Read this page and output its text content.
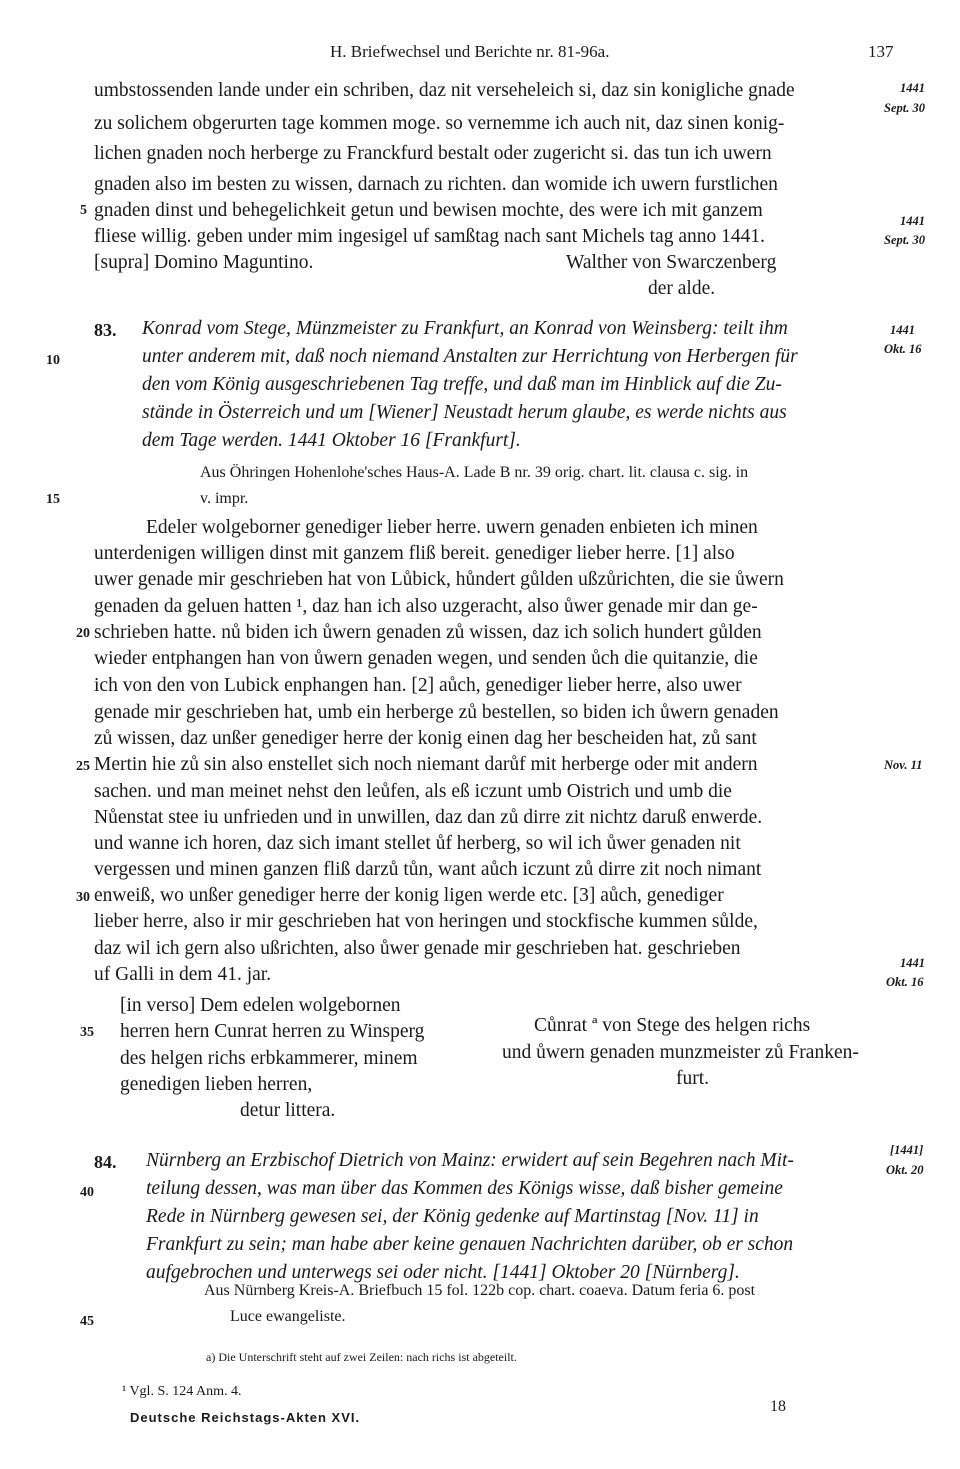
H. Briefwechsel und Berichte nr. 81-96a.	137
umbstossenden lande under ein schriben, daz nit verseheleich si, daz sin konigliche gnade
zu solichem obgerurten tage kommen moge. so vernemme ich auch nit, daz sinen konig-
lichen gnaden noch herberge zu Franckfurd bestalt oder zugericht si. das tun ich uwern
gnaden also im besten zu wissen, darnach zu richten. dan womide ich uwern furstlichen
5 gnaden dinst und behegelichkeit getun und bewisen mochte, des were ich mit ganzem
fliese willig. geben under mim ingesigel uf samßtag nach sant Michels tag anno 1441.
1441
Sept. 30
1441
Sept. 30
[supra] Domino Maguntino.	Walther von Swarczenberg
der alde.
83. Konrad vom Stege, Münzmeister zu Frankfurt, an Konrad von Weinsberg: teilt ihm	1441
Okt. 16
10	unter anderem mit, daß noch niemand Anstalten zur Herrichtung von Herbergen für
den vom König ausgeschriebenen Tag treffe, und daß man im Hinblick auf die Zu-
stände in Österreich und um [Wiener] Neustadt herum glaube, es werde nichts aus
dem Tage werden. 1441 Oktober 16 [Frankfurt].
Aus Öhringen Hohenlohe'sches Haus-A. Lade B nr. 39 orig. chart. lit. clausa c. sig. in
15	v. impr.
Edeler wolgeborner genediger lieber herre. uwern genaden enbieten ich minen
unterdenigen willigen dinst mit ganzem fliß bereit. genediger lieber herre. [1] also
uwer genade mir geschrieben hat von Lůbick, hůndert gůlden ußzůrichten, die sie ůwern
genaden da geluen hatten ¹, daz han ich also uzgeracht, also ůwer genade mir dan ge-
20 schrieben hatte. nů biden ich ůwern genaden zů wissen, daz ich solich hundert gůlden
wieder entphangen han von ůwern genaden wegen, und senden ůch die quitanzie, die
ich von den von Lubick enphangen han. [2] aůch, genediger lieber herre, also uwer
genade mir geschrieben hat, umb ein herberge zů bestellen, so biden ich ůwern genaden
zů wissen, daz unßer genediger herre der konig einen dag her bescheiden hat, zů sant
25 Mertin hie zů sin also enstellet sich noch niemant darůf mit herberge oder mit andern	Nov. 11
sachen. und man meinet nehst den leůfen, als eß iczunt umb Oistrich und umb die
Nůenstat stee iu unfrieden und in unwillen, daz dan zů dirre zit nichtz daruß enwerde.
und wanne ich horen, daz sich imant stellet ůf herberg, so wil ich ůwer genaden nit
vergessen und minen ganzen fliß darzů tůn, want aůch iczunt zů dirre zit noch nimant
30 enweiß, wo unßer genediger herre der konig ligen werde etc. [3] aůch, genediger
lieber herre, also ir mir geschrieben hat von heringen und stockfische kummen sůlde,
daz wil ich gern also ußrichten, also ůwer genade mir geschrieben hat. geschrieben
uf Galli in dem 41. jar.
1441
Okt. 16
[in verso] Dem edelen wolgebornen
35 herren hern Cunrat herren zu Winsperg
des helgen richs erbkammerer, minem
genedigen lieben herren,
detur littera.
Cůnrat ª von Stege des helgen richs
und ůwern genaden munzmeister zů Franken-
furt.
84. Nürnberg an Erzbischof Dietrich von Mainz: erwidert auf sein Begehren nach Mit-	[1441]
Okt. 20
40	teilung dessen, was man über das Kommen des Königs wisse, daß bisher gemeine
Rede in Nürnberg gewesen sei, der König gedenke auf Martinstag [Nov. 11] in
Frankfurt zu sein; man habe aber keine genauen Nachrichten darüber, ob er schon
aufgebrochen und unterwegs sei oder nicht. [1441] Oktober 20 [Nürnberg].
Aus Nürnberg Kreis-A. Briefbuch 15 fol. 122b cop. chart. coaeva. Datum feria 6. post
45	Luce ewangeliste.
a) Die Unterschrift steht auf zwei Zeilen: nach richs ist abgeteilt.
¹ Vgl. S. 124 Anm. 4.
Deutsche Reichstags-Akten XVI.
18
